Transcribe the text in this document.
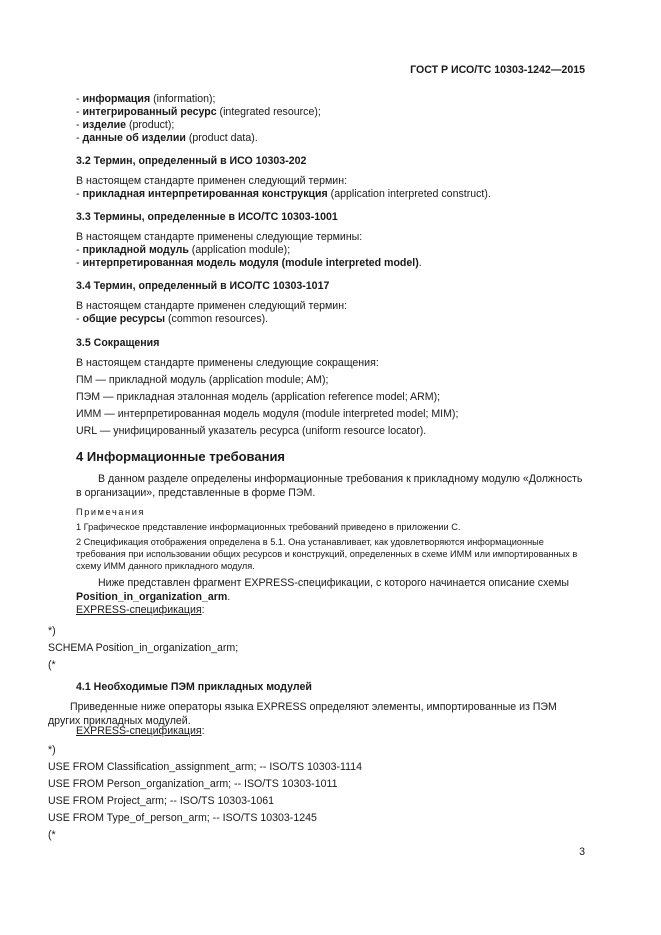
ГОСТ Р ИСО/ТС 10303-1242—2015
- информация (information);
- интегрированный ресурс (integrated resource);
- изделие (product);
- данные об изделии (product data).
3.2 Термин, определенный в ИСО 10303-202
В настоящем стандарте применен следующий термин:
- прикладная интерпретированная конструкция (application interpreted construct).
3.3 Термины, определенные в ИСО/ТС 10303-1001
В настоящем стандарте применены следующие термины:
- прикладной модуль (application module);
- интерпретированная модель модуля (module interpreted model).
3.4 Термин, определенный в ИСО/ТС 10303-1017
В настоящем стандарте применен следующий термин:
- общие ресурсы (common resources).
3.5 Сокращения
В настоящем стандарте применены следующие сокращения:
ПМ — прикладной модуль (application module; AM);
ПЭМ — прикладная эталонная модель (application reference model; ARM);
ИММ — интерпретированная модель модуля (module interpreted model; MIM);
URL — унифицированный указатель ресурса (uniform resource locator).
4 Информационные требования
В данном разделе определены информационные требования к прикладному модулю «Должность в организации», представленные в форме ПЭМ.
Примечания
1 Графическое представление информационных требований приведено в приложении С.
2 Спецификация отображения определена в 5.1. Она устанавливает, как удовлетворяются информационные требования при использовании общих ресурсов и конструкций, определенных в схеме ИММ или импортированных в схему ИММ данного прикладного модуля.
Ниже представлен фрагмент EXPRESS-спецификации, с которого начинается описание схемы Position_in_organization_arm.
EXPRESS-спецификация:
*)
SCHEMA Position_in_organization_arm;
(*
4.1 Необходимые ПЭМ прикладных модулей
Приведенные ниже операторы языка EXPRESS определяют элементы, импортированные из ПЭМ других прикладных модулей.
EXPRESS-спецификация:
*)
USE FROM Classification_assignment_arm; -- ISO/TS 10303-1114
USE FROM Person_organization_arm; -- ISO/TS 10303-1011
USE FROM Project_arm; -- ISO/TS 10303-1061
USE FROM Type_of_person_arm; -- ISO/TS 10303-1245
(*
3
